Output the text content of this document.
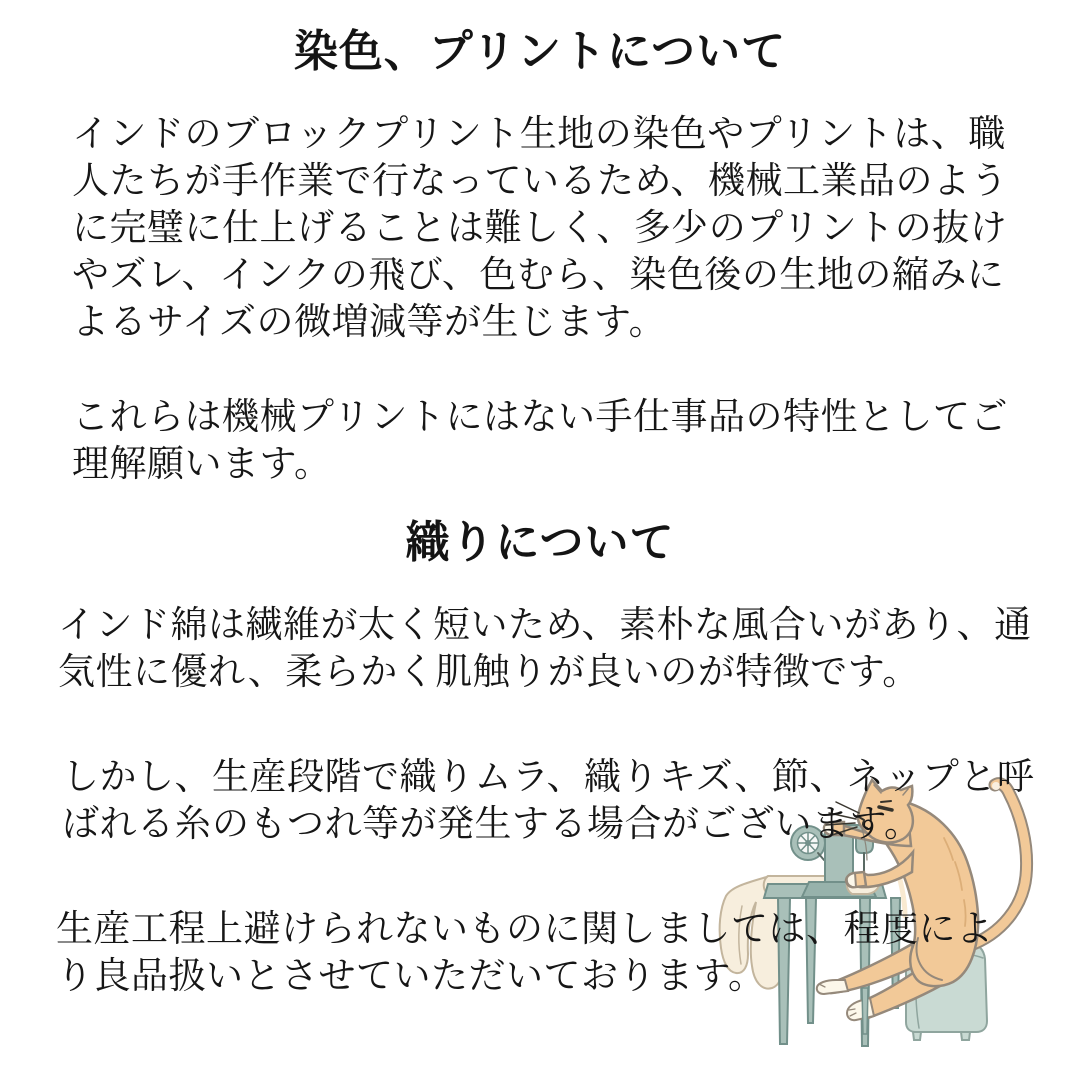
染色、プリントについて
インドのブロックプリント生地の染色やプリントは、職
人たちが手作業で行なっているため、機械工業品のよう
に完璧に仕上げることは難しく、多少のプリントの抜け
やズレ、インクの飛び、色むら、染色後の生地の縮みに
よるサイズの微増減等が生じます。
これらは機械プリントにはない手仕事品の特性としてご
理解願います。
織りについて
インド綿は繊維が太く短いため、素朴な風合いがあり、通
気性に優れ、柔らかく肌触りが良いのが特徴です。
しかし、生産段階で織りムラ、織りキズ、節、ネップと呼
ばれる糸のもつれ等が発生する場合がございます。
生産工程上避けられないものに関しましては、程度によ
り良品扱いとさせていただいております。
